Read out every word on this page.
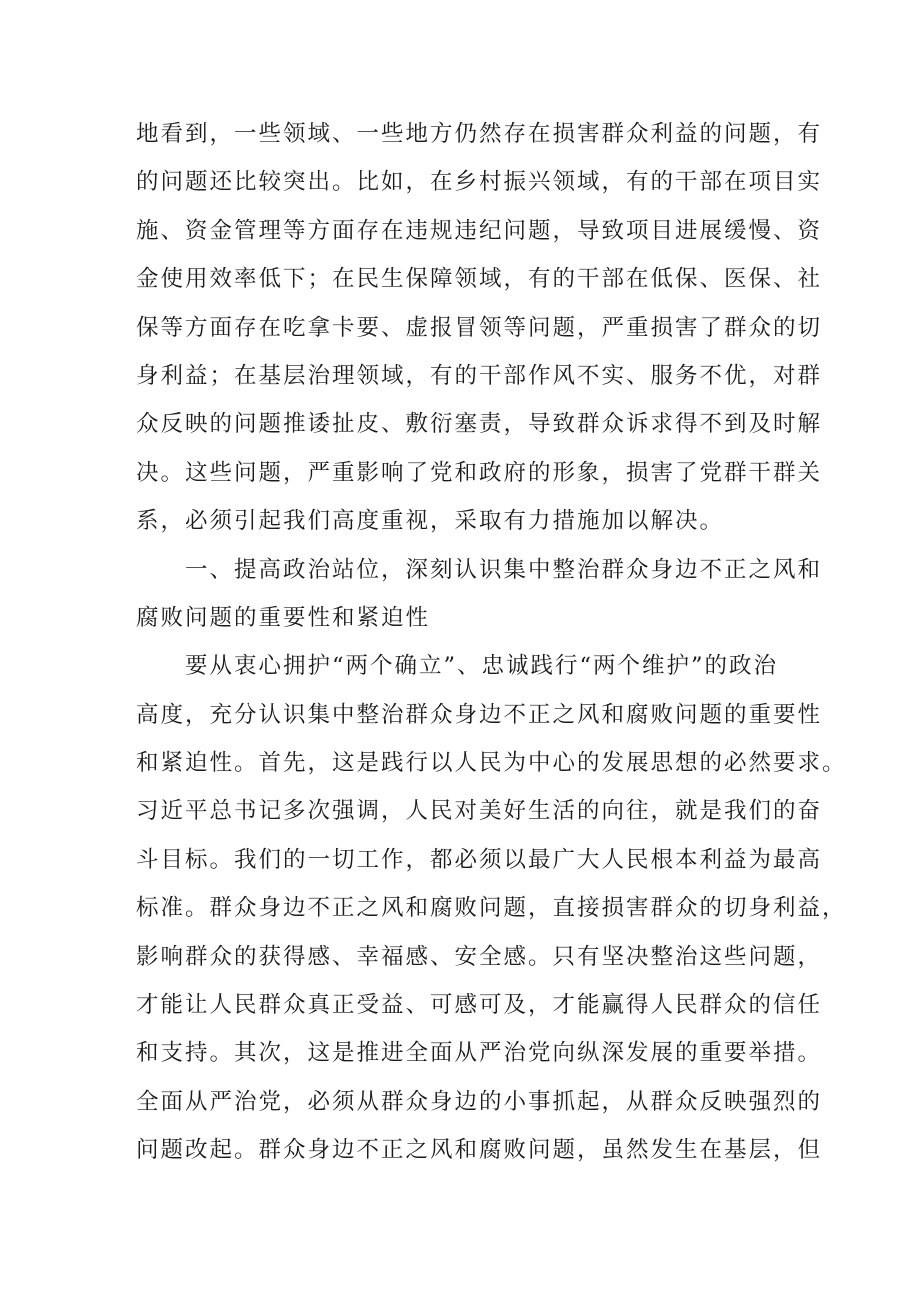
地看到，一些领域、一些地方仍然存在损害群众利益的问题，有
的问题还比较突出。比如，在乡村振兴领域，有的干部在项目实
施、资金管理等方面存在违规违纪问题，导致项目进展缓慢、资
金使用效率低下；在民生保障领域，有的干部在低保、医保、社
保等方面存在吃拿卡要、虚报冒领等问题，严重损害了群众的切
身利益；在基层治理领域，有的干部作风不实、服务不优，对群
众反映的问题推诿扯皮、敷衍塞责，导致群众诉求得不到及时解
决。这些问题，严重影响了党和政府的形象，损害了党群干群关
系，必须引起我们高度重视，采取有力措施加以解决。
　　一、提高政治站位，深刻认识集中整治群众身边不正之风和
腐败问题的重要性和紧迫性
　　要从衷心拥护“两个确立”、忠诚践行“两个维护”的政治
高度，充分认识集中整治群众身边不正之风和腐败问题的重要性
和紧迫性。首先，这是践行以人民为中心的发展思想的必然要求。
习近平总书记多次强调，人民对美好生活的向往，就是我们的奋
斗目标。我们的一切工作，都必须以最广大人民根本利益为最高
标准。群众身边不正之风和腐败问题，直接损害群众的切身利益，
影响群众的获得感、幸福感、安全感。只有坚决整治这些问题，
才能让人民群众真正受益、可感可及，才能赢得人民群众的信任
和支持。其次，这是推进全面从严治党向纵深发展的重要举措。
全面从严治党，必须从群众身边的小事抓起，从群众反映强烈的
问题改起。群众身边不正之风和腐败问题，虽然发生在基层，但
